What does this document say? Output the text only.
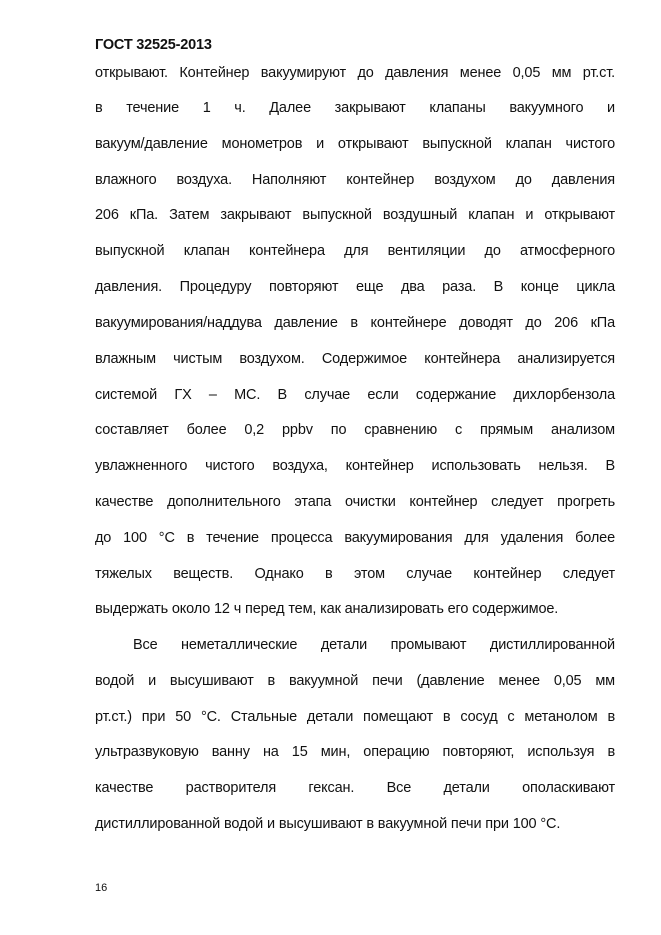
ГОСТ 32525-2013
открывают. Контейнер вакуумируют до давления менее 0,05 мм рт.ст.
в течение 1 ч. Далее закрывают клапаны вакуумного и
вакуум/давление монометров и открывают выпускной клапан чистого
влажного воздуха. Наполняют контейнер воздухом до давления
206 кПа. Затем закрывают выпускной воздушный клапан и открывают
выпускной клапан контейнера для вентиляции до атмосферного
давления. Процедуру повторяют еще два раза. В конце цикла
вакуумирования/наддува давление в контейнере доводят до 206 кПа
влажным чистым воздухом. Содержимое контейнера анализируется
системой ГХ – МС. В случае если содержание дихлорбензола
составляет более 0,2 ppbv по сравнению с прямым анализом
увлажненного чистого воздуха, контейнер использовать нельзя. В
качестве дополнительного этапа очистки контейнер следует прогреть
до 100 °С в течение процесса вакуумирования для удаления более
тяжелых веществ. Однако в этом случае контейнер следует
выдержать около 12 ч перед тем, как анализировать его содержимое.
Все неметаллические детали промывают дистиллированной
водой и высушивают в вакуумной печи (давление менее 0,05 мм
рт.ст.) при 50 °С. Стальные детали помещают в сосуд с метанолом в
ультразвуковую ванну на 15 мин, операцию повторяют, используя в
качестве растворителя гексан. Все детали ополаскивают
дистиллированной водой и высушивают в вакуумной печи при 100 °С.
16
